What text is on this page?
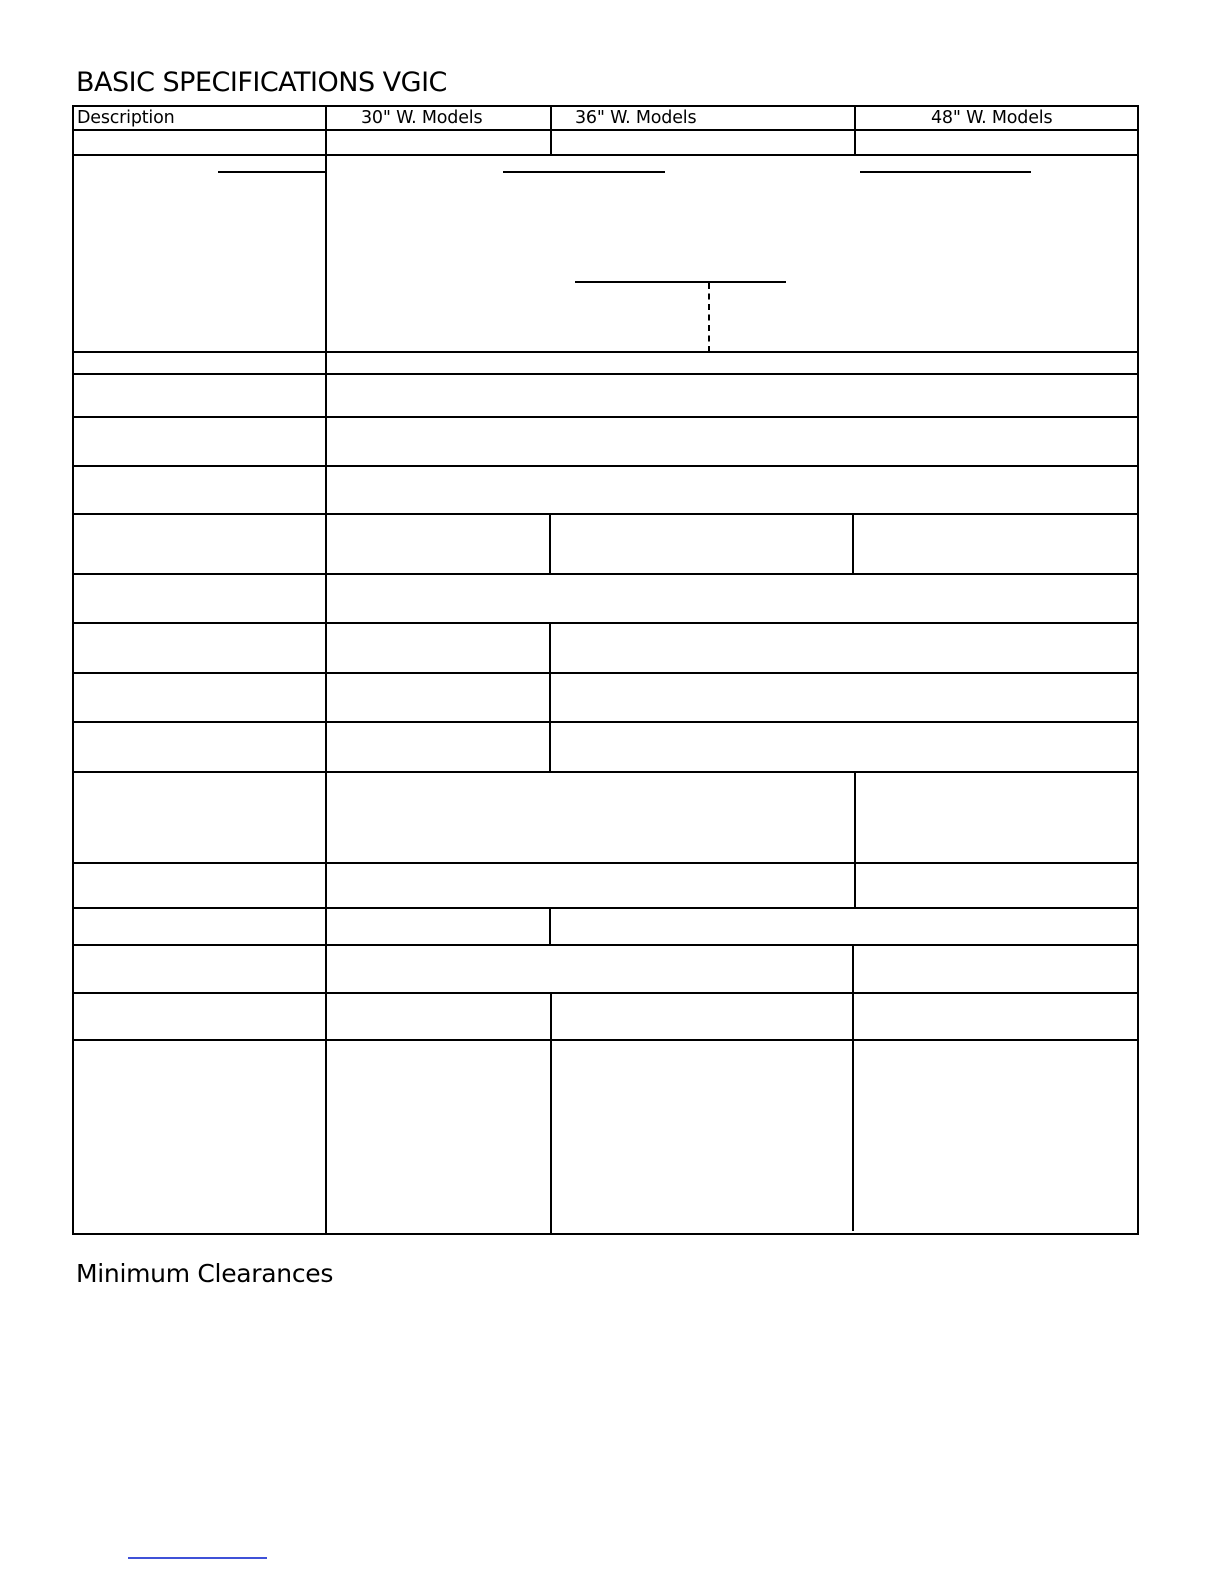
BASIC SPECIFICATIONS VGIC
Description	30" W. Models	36" W. Models	48" W. Models
Minimum Clearances
